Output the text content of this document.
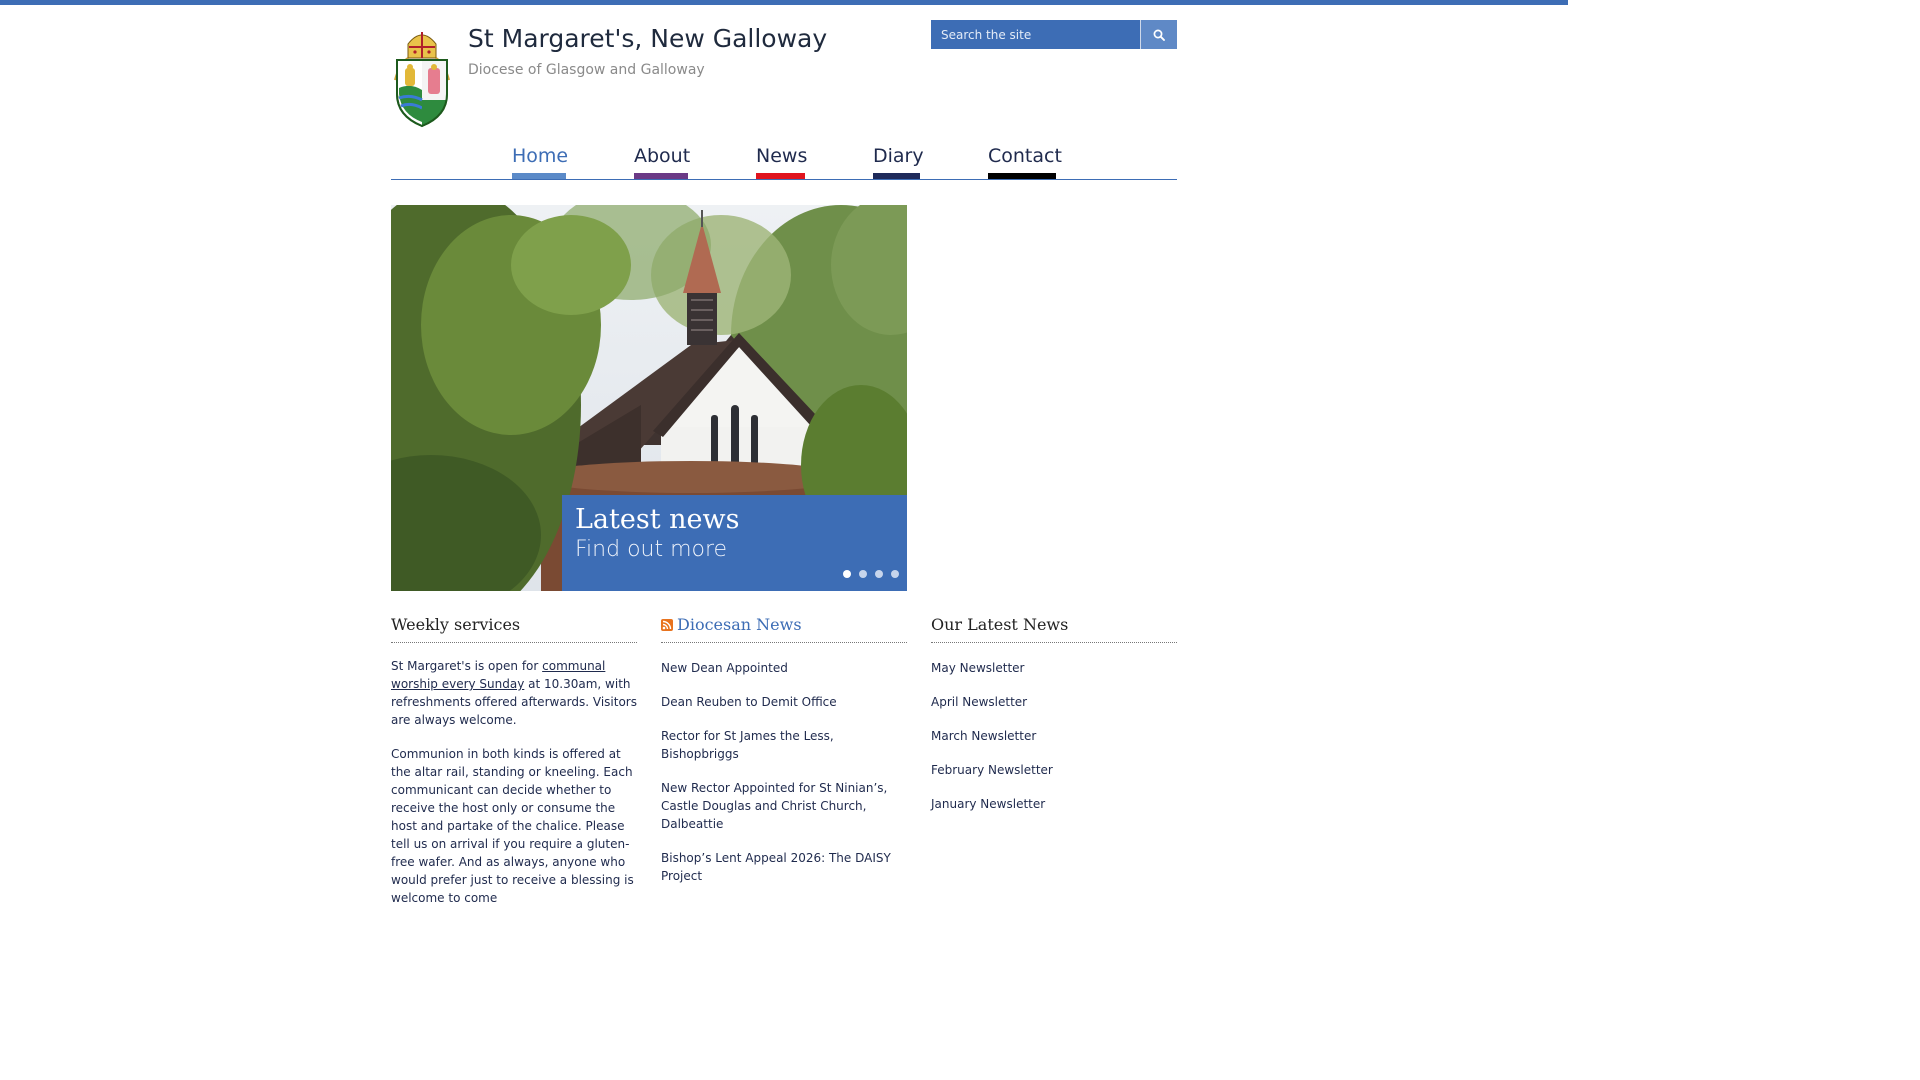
St Margaret's, New Galloway
Diocese of Glasgow and Galloway
Search the site
Home	About	News	Diary	Contact
Latest news
Find out more
Weekly services

St Margaret's is open for communal worship every Sunday at 10.30am, with refreshments offered afterwards. Visitors are always welcome.

Communion in both kinds is offered at the altar rail, standing or kneeling. Each communicant can decide whether to receive the host only or consume the host and partake of the chalice. Please tell us on arrival if you require a gluten-free wafer. And as always, anyone who would prefer just to receive a blessing is welcome to come

Diocesan News
New Dean Appointed
Dean Reuben to Demit Office
Rector for St James the Less, Bishopbriggs
New Rector Appointed for St Ninian’s, Castle Douglas and Christ Church, Dalbeattie
Bishop’s Lent Appeal 2026: The DAISY Project
Our Latest News
May Newsletter
April Newsletter
March Newsletter
February Newsletter
January Newsletter
